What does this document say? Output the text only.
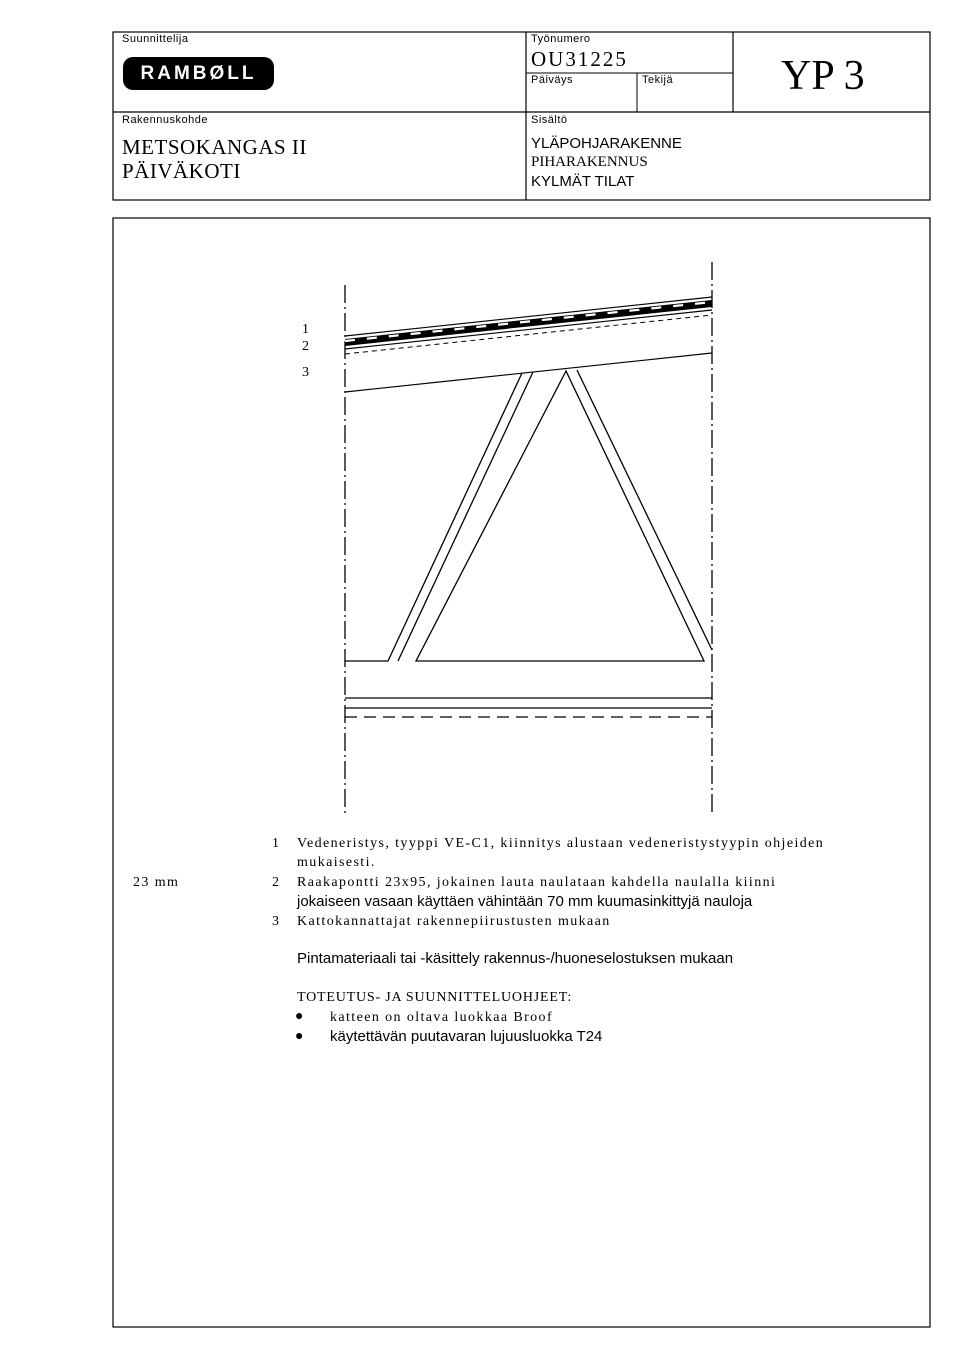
Suunnittelija
RAMBØLL
Rakennuskohde
METSOKANGAS II
PÄIVÄKOTI
Työnumero
OU31225
Päiväys	Tekijä	YP 3
Sisältö
YLÄPOHJARAKENNE
PIHARAKENNUS
KYLMÄT TILAT
1
2
3
23 mm
1 Vedeneristys, tyyppi VE-C1, kiinnitys alustaan vedeneristystyypin ohjeiden
mukaisesti.
2 Raakapontti 23x95, jokainen lauta naulataan kahdella naulalla kiinni
jokaiseen vasaan käyttäen vähintään 70 mm kuumasinkittyjä nauloja
3 Kattokannattajat rakennepiirustusten mukaan
Pintamateriaali tai -käsittely rakennus-/huoneselostuksen mukaan
TOTEUTUS- JA SUUNNITTELUOHJEET:
● katteen on oltava luokkaa Broof
● käytettävän puutavaran lujuusluokka T24
